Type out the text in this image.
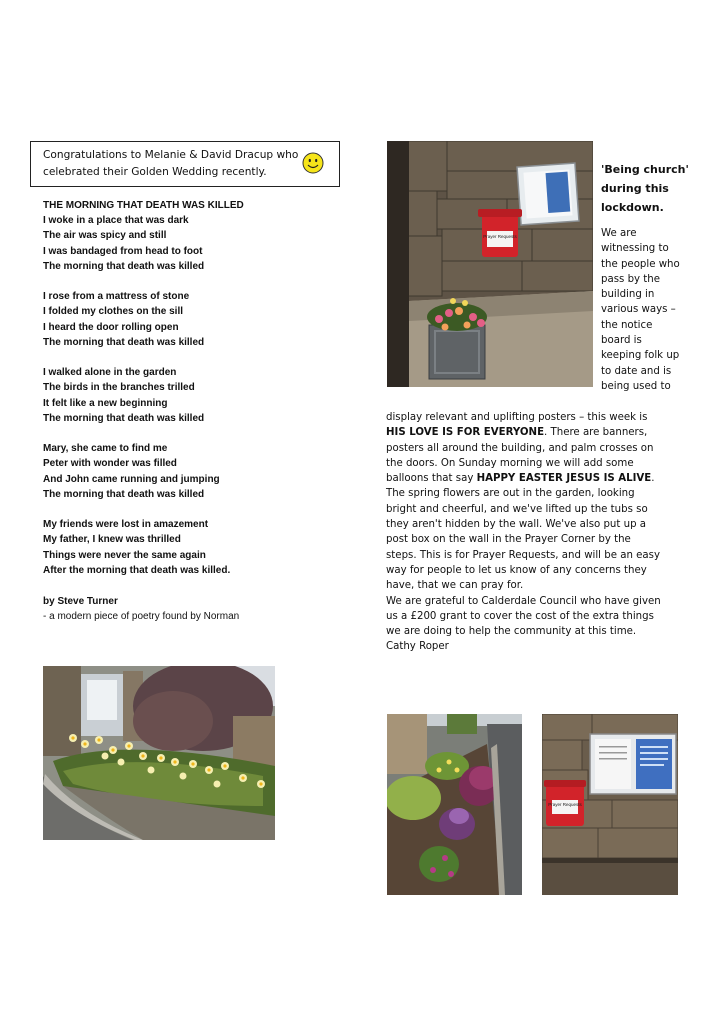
Congratulations to Melanie & David Dracup who
celebrated their Golden Wedding recently.
THE MORNING THAT DEATH WAS KILLED
I woke in a place that was dark
The air was spicy and still
I was bandaged from head to foot
The morning that death was killed
I rose from a mattress of stone
I folded my clothes on the sill
I heard the door rolling open
The morning that death was killed
I walked alone in the garden
The birds in the branches trilled
It felt like a new beginning
The morning that death was killed
Mary, she came to find me
Peter with wonder was filled
And John came running and jumping
The morning that death was killed
My friends were lost in amazement
My father, I knew was thrilled
Things were never the same again
After the morning that death was killed.
by Steve Turner
- a modern piece of poetry found by Norman
Prayer Requests
'Being church'
during this
lockdown.
We are
witnessing to
the people who
pass by the
building in
various ways –
the notice
board is
keeping folk up
to date and is
being used to
display relevant and uplifting posters – this week is
HIS LOVE IS FOR EVERYONE. There are banners,
posters all around the building, and palm crosses on
the doors. On Sunday morning we will add some
balloons that say HAPPY EASTER JESUS IS ALIVE.
The spring flowers are out in the garden, looking
bright and cheerful, and we've lifted up the tubs so
they aren't hidden by the wall. We've also put up a
post box on the wall in the Prayer Corner by the
steps. This is for Prayer Requests, and will be an easy
way for people to let us know of any concerns they
have, that we can pray for.
We are grateful to Calderdale Council who have given
us a £200 grant to cover the cost of the extra things
we are doing to help the community at this time.
Cathy Roper
Prayer Requests
